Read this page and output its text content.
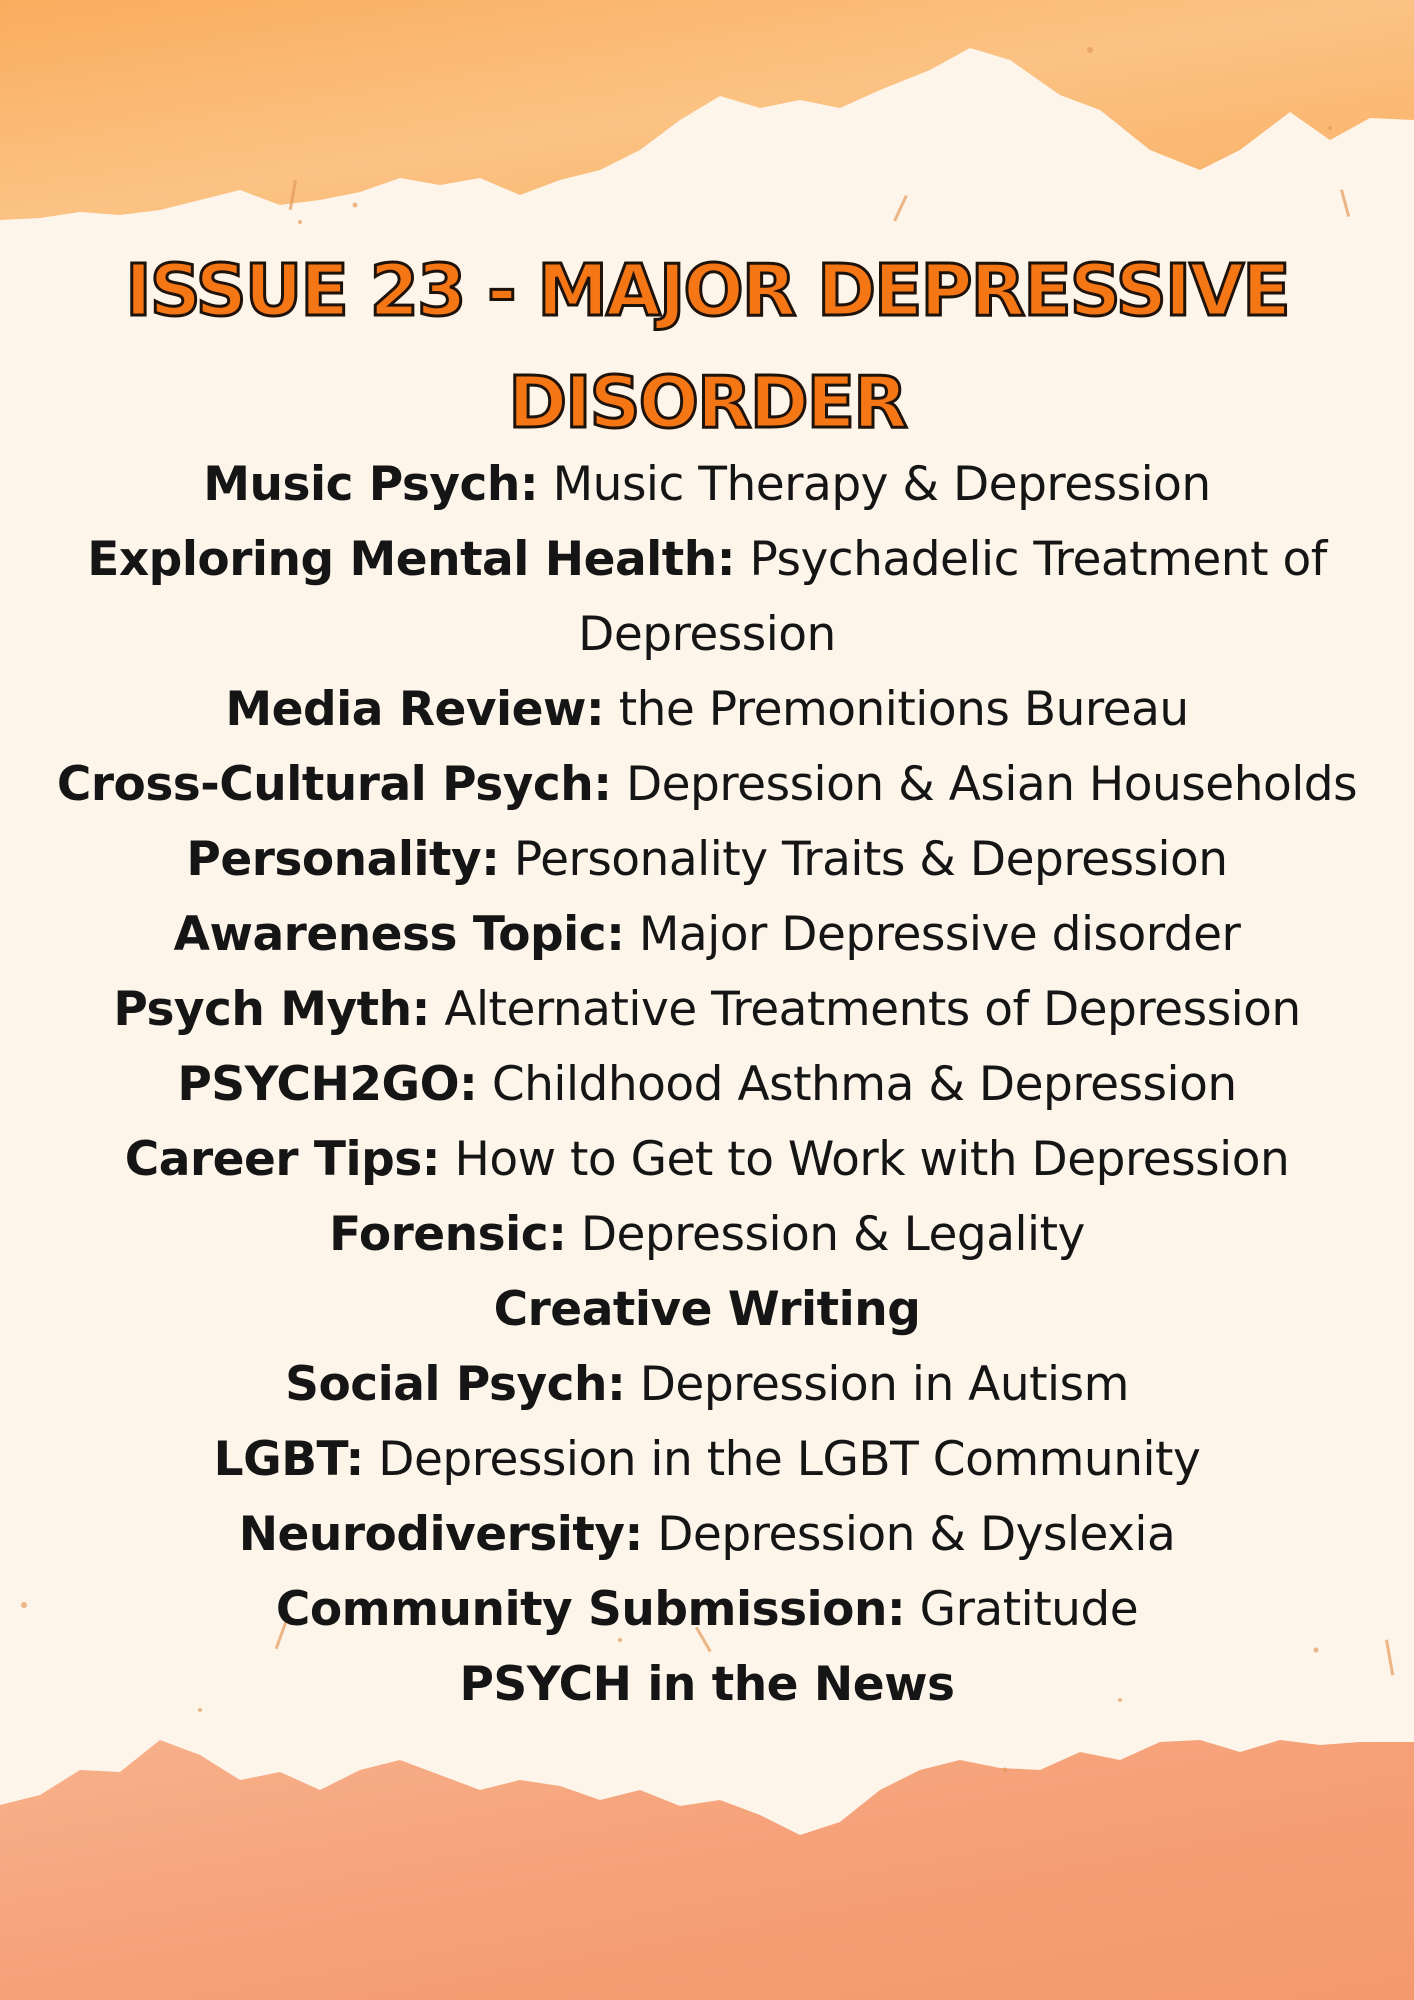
ISSUE 23 - MAJOR DEPRESSIVE
DISORDER
Music Psych: Music Therapy & Depression
Exploring Mental Health: Psychadelic Treatment of Depression
Media Review: the Premonitions Bureau
Cross-Cultural Psych: Depression & Asian Households
Personality: Personality Traits & Depression
Awareness Topic: Major Depressive disorder
Psych Myth: Alternative Treatments of Depression
PSYCH2GO: Childhood Asthma & Depression
Career Tips: How to Get to Work with Depression
Forensic: Depression & Legality
Creative Writing
Social Psych: Depression in Autism
LGBT: Depression in the LGBT Community
Neurodiversity: Depression & Dyslexia
Community Submission: Gratitude
PSYCH in the News
